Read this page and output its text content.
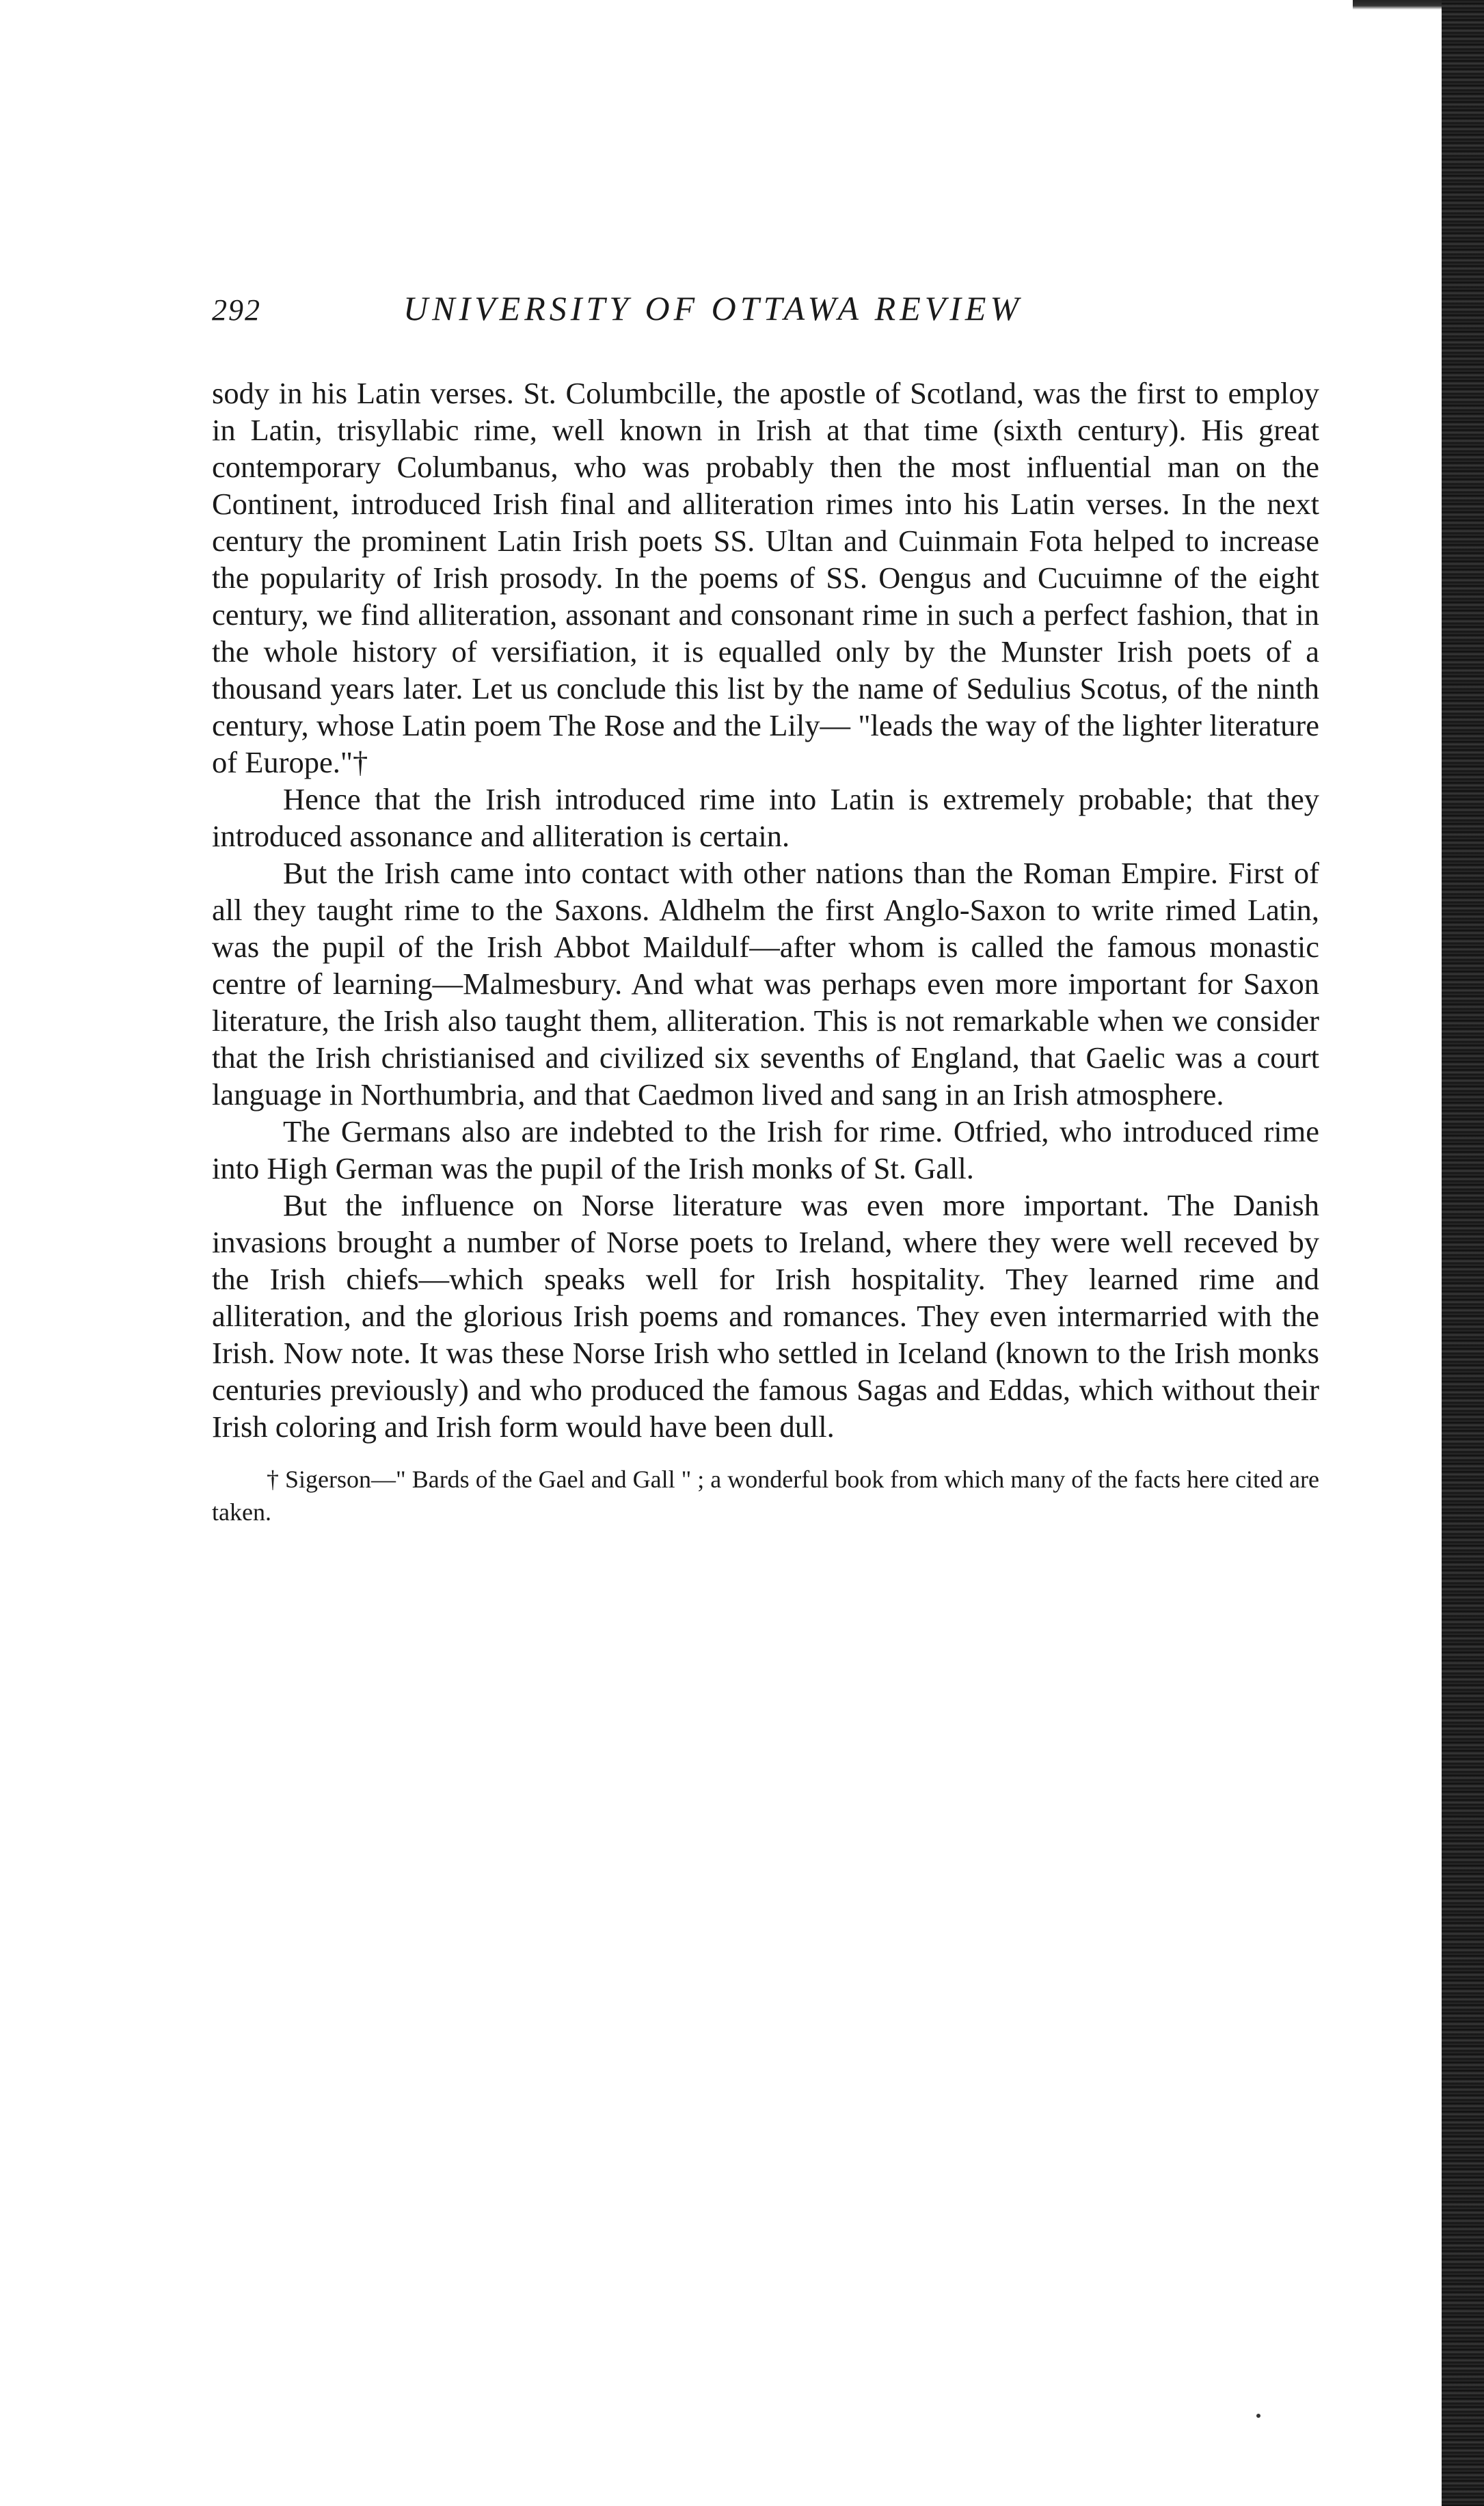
292	UNIVERSITY OF OTTAWA REVIEW

sody in his Latin verses. St. Columbcille, the apostle of Scotland, was the first to employ in Latin, trisyllabic rime, well known in Irish at that time (sixth century). His great contemporary Columbanus, who was probably then the most influential man on the Continent, introduced Irish final and alliteration rimes into his Latin verses. In the next century the prominent Latin Irish poets SS. Ultan and Cuinmain Fota helped to increase the popularity of Irish prosody. In the poems of SS. Oengus and Cucuimne of the eight century, we find alliteration, assonant and consonant rime in such a perfect fashion, that in the whole history of versifiation, it is equalled only by the Munster Irish poets of a thousand years later. Let us conclude this list by the name of Sedulius Scotus, of the ninth century, whose Latin poem The Rose and the Lily— "leads the way of the lighter literature of Europe."†

Hence that the Irish introduced rime into Latin is extremely probable; that they introduced assonance and alliteration is certain.

But the Irish came into contact with other nations than the Roman Empire. First of all they taught rime to the Saxons. Aldhelm the first Anglo-Saxon to write rimed Latin, was the pupil of the Irish Abbot Maildulf—after whom is called the famous monastic centre of learning—Malmesbury. And what was perhaps even more important for Saxon literature, the Irish also taught them, alliteration. This is not remarkable when we consider that the Irish christianised and civilized six sevenths of England, that Gaelic was a court language in Northumbria, and that Caedmon lived and sang in an Irish atmosphere.

The Germans also are indebted to the Irish for rime. Otfried, who introduced rime into High German was the pupil of the Irish monks of St. Gall.

But the influence on Norse literature was even more important. The Danish invasions brought a number of Norse poets to Ireland, where they were well receved by the Irish chiefs—which speaks well for Irish hospitality. They learned rime and alliteration, and the glorious Irish poems and romances. They even intermarried with the Irish. Now note. It was these Norse Irish who settled in Iceland (known to the Irish monks centuries previously) and who produced the famous Sagas and Eddas, which without their Irish coloring and Irish form would have been dull.

† Sigerson—" Bards of the Gael and Gall " ; a wonderful book from which many of the facts here cited are taken.
